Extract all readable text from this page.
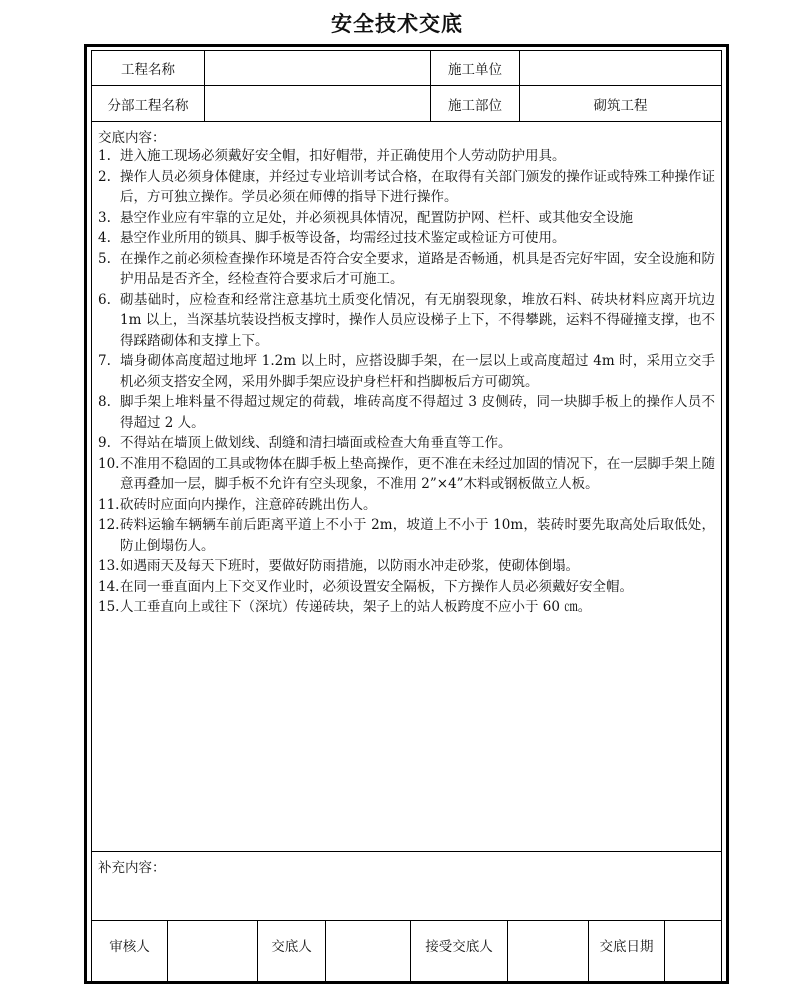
安全技术交底
工程名称	施工单位
分部工程名称	施工部位	砌筑工程
交底内容：
1. 进入施工现场必须戴好安全帽，扣好帽带，并正确使用个人劳动防护用具。
2. 操作人员必须身体健康，并经过专业培训考试合格，在取得有关部门颁发的操作证或特殊工种操作证后，方可独立操作。学员必须在师傅的指导下进行操作。
3. 悬空作业应有牢靠的立足处，并必须视具体情况，配置防护网、栏杆、或其他安全设施
4. 悬空作业所用的锁具、脚手板等设备，均需经过技术鉴定或检证方可使用。
5. 在操作之前必须检查操作环境是否符合安全要求，道路是否畅通，机具是否完好牢固，安全设施和防护用品是否齐全，经检查符合要求后才可施工。
6. 砌基础时，应检查和经常注意基坑土质变化情况，有无崩裂现象，堆放石料、砖块材料应离开坑边1m 以上，当深基坑装设挡板支撑时，操作人员应设梯子上下，不得攀跳，运料不得碰撞支撑，也不得踩踏砌体和支撑上下。
7. 墙身砌体高度超过地坪 1.2m 以上时，应搭设脚手架，在一层以上或高度超过 4m 时，采用立交手机必须支搭安全网，采用外脚手架应设护身栏杆和挡脚板后方可砌筑。
8. 脚手架上堆料量不得超过规定的荷载，堆砖高度不得超过 3 皮侧砖，同一块脚手板上的操作人员不得超过 2 人。
9. 不得站在墙顶上做划线、刮缝和清扫墙面或检查大角垂直等工作。
10. 不准用不稳固的工具或物体在脚手板上垫高操作，更不准在未经过加固的情况下，在一层脚手架上随意再叠加一层，脚手板不允许有空头现象，不准用 2”×4”木料或钢板做立人板。
11. 砍砖时应面向内操作，注意碎砖跳出伤人。
12. 砖料运输车辆辆车前后距离平道上不小于 2m，坡道上不小于 10m，装砖时要先取高处后取低处，防止倒塌伤人。
13. 如遇雨天及每天下班时，要做好防雨措施，以防雨水冲走砂浆，使砌体倒塌。
14. 在同一垂直面内上下交叉作业时，必须设置安全隔板，下方操作人员必须戴好安全帽。
15. 人工垂直向上或往下（深坑）传递砖块，架子上的站人板跨度不应小于 60 ㎝。
补充内容：
审核人	交底人	接受交底人	交底日期
